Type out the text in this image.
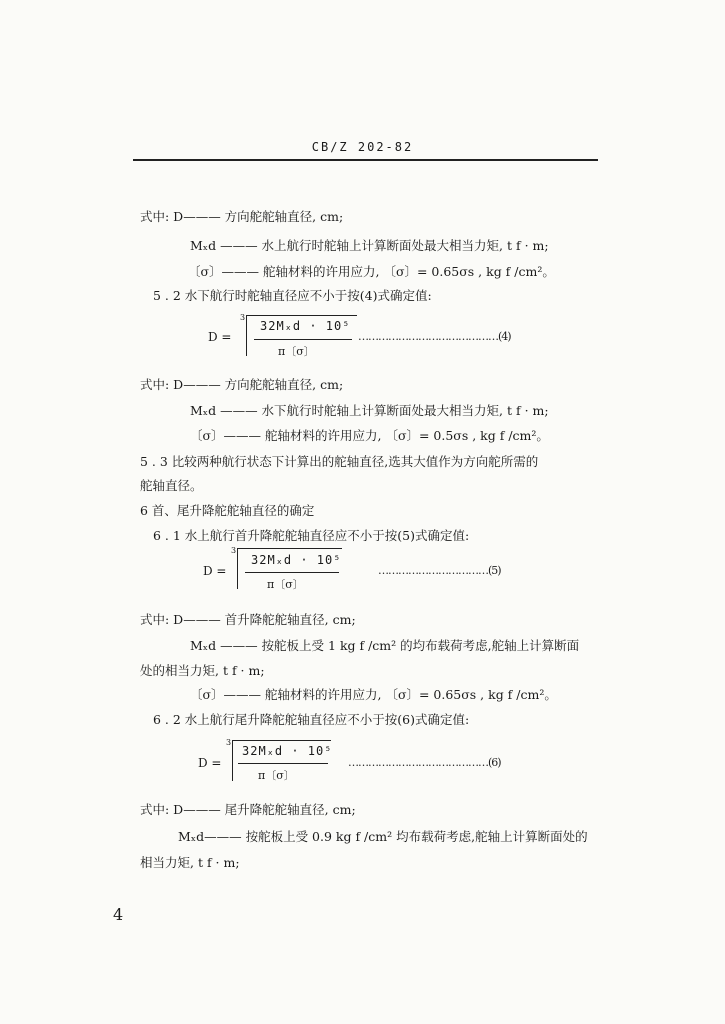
CB/Z 202-82
式中: D——— 方向舵舵轴直径, cm;
Mₓd ——— 水上航行时舵轴上计算断面处最大相当力矩, t f · m;
〔σ〕——— 舵轴材料的许用应力, 〔σ〕= 0.65σs , kg f /cm²。
5 . 2 水下航行时舵轴直径应不小于按(4)式确定值:
D =
3
32Mₓd · 10⁵
π〔σ〕
……………………………………(4)
式中: D——— 方向舵舵轴直径, cm;
Mₓd ——— 水下航行时舵轴上计算断面处最大相当力矩, t f · m;
〔σ〕——— 舵轴材料的许用应力, 〔σ〕= 0.5σs , kg f /cm²。
5 . 3 比较两种航行状态下计算出的舵轴直径,选其大值作为方向舵所需的
舵轴直径。
6 首、尾升降舵舵轴直径的确定
6 . 1 水上航行首升降舵舵轴直径应不小于按(5)式确定值:
D =
3
32Mₓd · 10⁵
π〔σ〕
……………………………(5)
式中: D——— 首升降舵舵轴直径, cm;
Mₓd ——— 按舵板上受 1 kg f /cm² 的均布载荷考虑,舵轴上计算断面
处的相当力矩, t f · m;
〔σ〕——— 舵轴材料的许用应力, 〔σ〕= 0.65σs , kg f /cm²。
6 . 2 水上航行尾升降舵舵轴直径应不小于按(6)式确定值:
D =
3
32Mₓd · 10⁵
π〔σ〕
……………………………………(6)
式中: D——— 尾升降舵舵轴直径, cm;
Mₓd——— 按舵板上受 0.9 kg f /cm² 均布载荷考虑,舵轴上计算断面处的
相当力矩, t f · m;
4
